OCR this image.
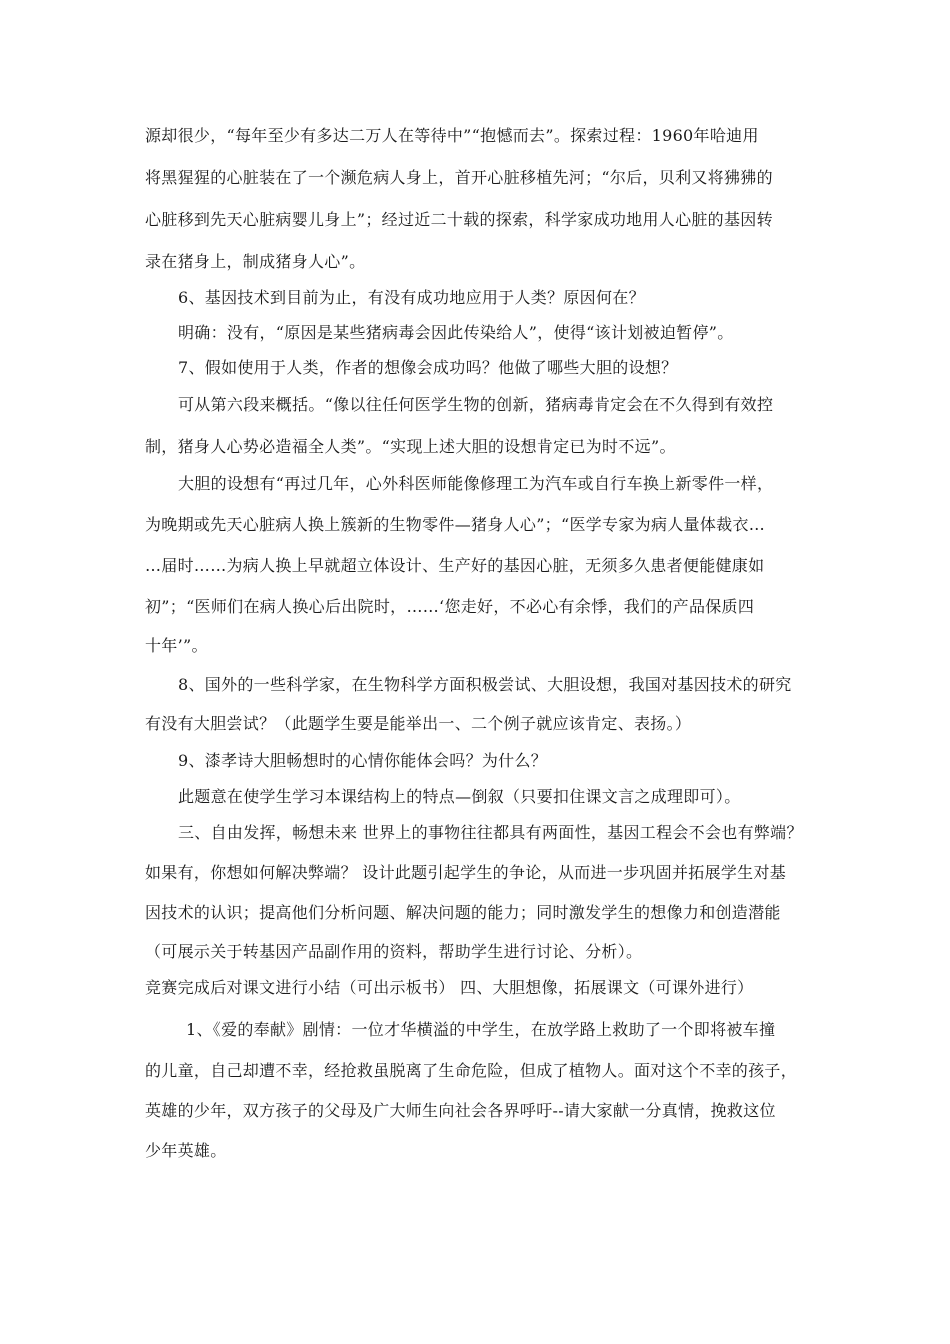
源却很少，“每年至少有多达二万人在等待中”“抱憾而去”。探索过程：1960年哈迪用
将黑猩猩的心脏装在了一个濒危病人身上，首开心脏移植先河；“尔后，贝利又将狒狒的
心脏移到先天心脏病婴儿身上”；经过近二十载的探索，科学家成功地用人心脏的基因转
录在猪身上，制成猪身人心”。
6、基因技术到目前为止，有没有成功地应用于人类？原因何在？
明确：没有，“原因是某些猪病毒会因此传染给人”，使得“该计划被迫暂停”。
7、假如使用于人类，作者的想像会成功吗？他做了哪些大胆的设想？
可从第六段来概括。“像以往任何医学生物的创新，猪病毒肯定会在不久得到有效控
制，猪身人心势必造福全人类”。“实现上述大胆的设想肯定已为时不远”。
大胆的设想有“再过几年，心外科医师能像修理工为汽车或自行车换上新零件一样，
为晚期或先天心脏病人换上簇新的生物零件—猪身人心”；“医学专家为病人量体裁衣…
…届时……为病人换上早就超立体设计、生产好的基因心脏，无须多久患者便能健康如
初”；“医师们在病人换心后出院时，……‘您走好，不必心有余悸，我们的产品保质四
十年’”。
8、国外的一些科学家，在生物科学方面积极尝试、大胆设想，我国对基因技术的研究
有没有大胆尝试？（此题学生要是能举出一、二个例子就应该肯定、表扬。）
9、漆孝诗大胆畅想时的心情你能体会吗？为什么？
此题意在使学生学习本课结构上的特点—倒叙（只要扣住课文言之成理即可）。
三、自由发挥，畅想未来 世界上的事物往往都具有两面性，基因工程会不会也有弊端？
如果有，你想如何解决弊端？ 设计此题引起学生的争论，从而进一步巩固并拓展学生对基
因技术的认识；提高他们分析问题、解决问题的能力；同时激发学生的想像力和创造潜能
（可展示关于转基因产品副作用的资料，帮助学生进行讨论、分析）。
竞赛完成后对课文进行小结（可出示板书） 四、大胆想像，拓展课文（可课外进行）
1、《爱的奉献》剧情：一位才华横溢的中学生，在放学路上救助了一个即将被车撞
的儿童，自己却遭不幸，经抢救虽脱离了生命危险，但成了植物人。面对这个不幸的孩子，
英雄的少年，双方孩子的父母及广大师生向社会各界呼吁--请大家献一分真情，挽救这位
少年英雄。
